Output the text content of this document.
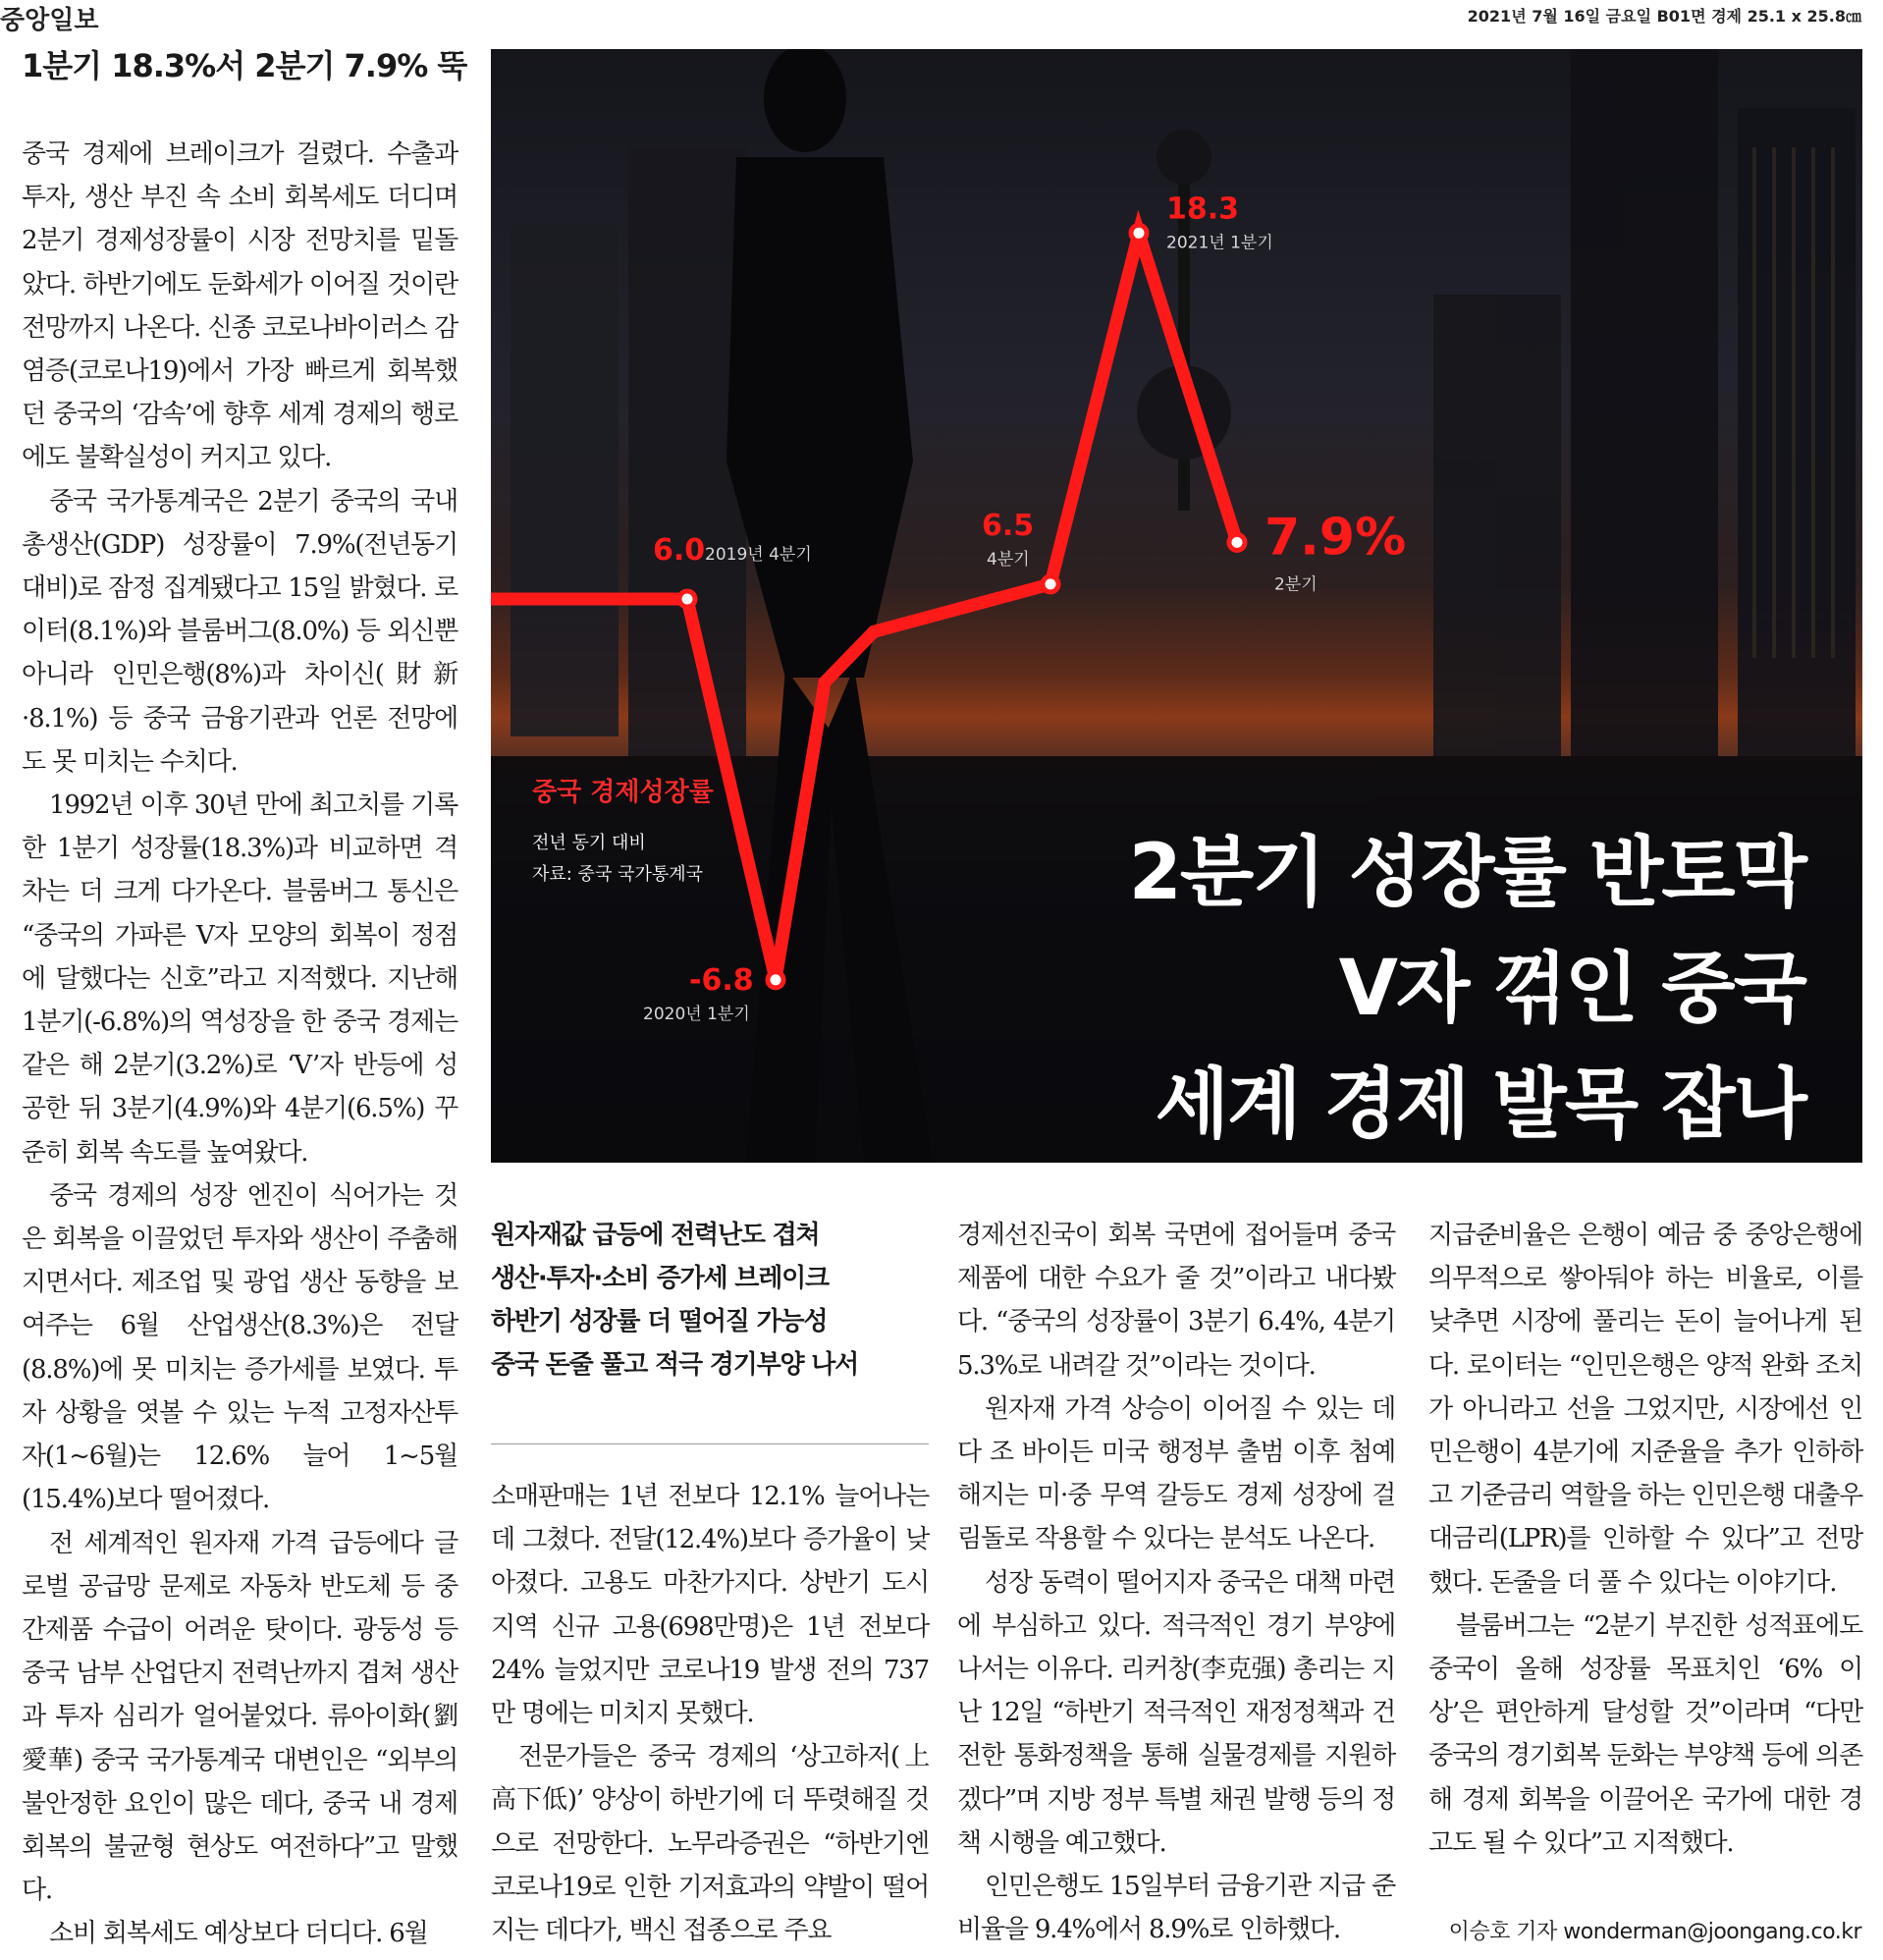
중앙일보	2021년 7월 16일 금요일 B01면 경제 25.1 x 25.8㎝
1분기 18.3%서 2분기 7.9% 뚝

중국 경제에 브레이크가 걸렸다. 수출과 투자, 생산 부진 속 소비 회복세도 더디며 2분기 경제성장률이 시장 전망치를 밑돌았다. 하반기에도 둔화세가 이어질 것이란 전망까지 나온다. 신종 코로나바이러스 감염증(코로나19)에서 가장 빠르게 회복했던 중국의 ‘감속’에 향후 세계 경제의 행로에도 불확실성이 커지고 있다.

중국 국가통계국은 2분기 중국의 국내총생산(GDP) 성장률이 7.9%(전년동기대비)로 잠정 집계됐다고 15일 밝혔다. 로이터(8.1%)와 블룸버그(8.0%) 등 외신뿐 아니라 인민은행(8%)과 차이신(財新·8.1%) 등 중국 금융기관과 언론 전망에도 못 미치는 수치다.

1992년 이후 30년 만에 최고치를 기록한 1분기 성장률(18.3%)과 비교하면 격차는 더 크게 다가온다. 블룸버그 통신은 “중국의 가파른 V자 모양의 회복이 정점에 달했다는 신호”라고 지적했다. 지난해 1분기(-6.8%)의 역성장을 한 중국 경제는 같은 해 2분기(3.2%)로 ‘V’자 반등에 성공한 뒤 3분기(4.9%)와 4분기(6.5%) 꾸준히 회복 속도를 높여왔다.

중국 경제의 성장 엔진이 식어가는 것은 회복을 이끌었던 투자와 생산이 주춤해지면서다. 제조업 및 광업 생산 동향을 보여주는 6월 산업생산(8.3%)은 전달(8.8%)에 못 미치는 증가세를 보였다. 투자 상황을 엿볼 수 있는 누적 고정자산투자(1~6월)는 12.6% 늘어 1~5월(15.4%)보다 떨어졌다.

전 세계적인 원자재 가격 급등에다 글로벌 공급망 문제로 자동차 반도체 등 중간제품 수급이 어려운 탓이다. 광둥성 등 중국 남부 산업단지 전력난까지 겹쳐 생산과 투자 심리가 얼어붙었다. 류아이화(劉愛華) 중국 국가통계국 대변인은 “외부의 불안정한 요인이 많은 데다, 중국 내 경제 회복의 불균형 현상도 여전하다”고 말했다.

소비 회복세도 예상보다 더디다. 6월

6.0 2019년 4분기
-6.8
2020년 1분기
6.5
4분기
18.3
2021년 1분기
7.9%
2분기
중국 경제성장률
전년 동기 대비
자료: 중국 국가통계국	2분기 성장률 반토막
V자 꺾인 중국
세계 경제 발목 잡나
원자재값 급등에 전력난도 겹쳐
생산·투자·소비 증가세 브레이크
하반기 성장률 더 떨어질 가능성
중국 돈줄 풀고 적극 경기부양 나서

소매판매는 1년 전보다 12.1% 늘어나는 데 그쳤다. 전달(12.4%)보다 증가율이 낮아졌다. 고용도 마찬가지다. 상반기 도시지역 신규 고용(698만명)은 1년 전보다 24% 늘었지만 코로나19 발생 전의 737만 명에는 미치지 못했다.

전문가들은 중국 경제의 ‘상고하저(上高下低)’ 양상이 하반기에 더 뚜렷해질 것으로 전망한다. 노무라증권은 “하반기엔 코로나19로 인한 기저효과의 약발이 떨어지는 데다가, 백신 접종으로 주요

경제선진국이 회복 국면에 접어들며 중국 제품에 대한 수요가 줄 것”이라고 내다봤다. “중국의 성장률이 3분기 6.4%, 4분기 5.3%로 내려갈 것”이라는 것이다.

원자재 가격 상승이 이어질 수 있는 데다 조 바이든 미국 행정부 출범 이후 첨예해지는 미·중 무역 갈등도 경제 성장에 걸림돌로 작용할 수 있다는 분석도 나온다.

성장 동력이 떨어지자 중국은 대책 마련에 부심하고 있다. 적극적인 경기 부양에 나서는 이유다. 리커창(李克强) 총리는 지난 12일 “하반기 적극적인 재정정책과 건전한 통화정책을 통해 실물경제를 지원하겠다”며 지방 정부 특별 채권 발행 등의 정책 시행을 예고했다.

인민은행도 15일부터 금융기관 지급 준비율을 9.4%에서 8.9%로 인하했다.

지급준비율은 은행이 예금 중 중앙은행에 의무적으로 쌓아둬야 하는 비율로, 이를 낮추면 시장에 풀리는 돈이 늘어나게 된다. 로이터는 “인민은행은 양적 완화 조치가 아니라고 선을 그었지만, 시장에선 인민은행이 4분기에 지준율을 추가 인하하고 기준금리 역할을 하는 인민은행 대출우대금리(LPR)를 인하할 수 있다”고 전망했다. 돈줄을 더 풀 수 있다는 이야기다.

블룸버그는 “2분기 부진한 성적표에도 중국이 올해 성장률 목표치인 ‘6% 이상’은 편안하게 달성할 것”이라며 “다만 중국의 경기회복 둔화는 부양책 등에 의존해 경제 회복을 이끌어온 국가에 대한 경고도 될 수 있다”고 지적했다.

이승호 기자 wonderman@joongang.co.kr
